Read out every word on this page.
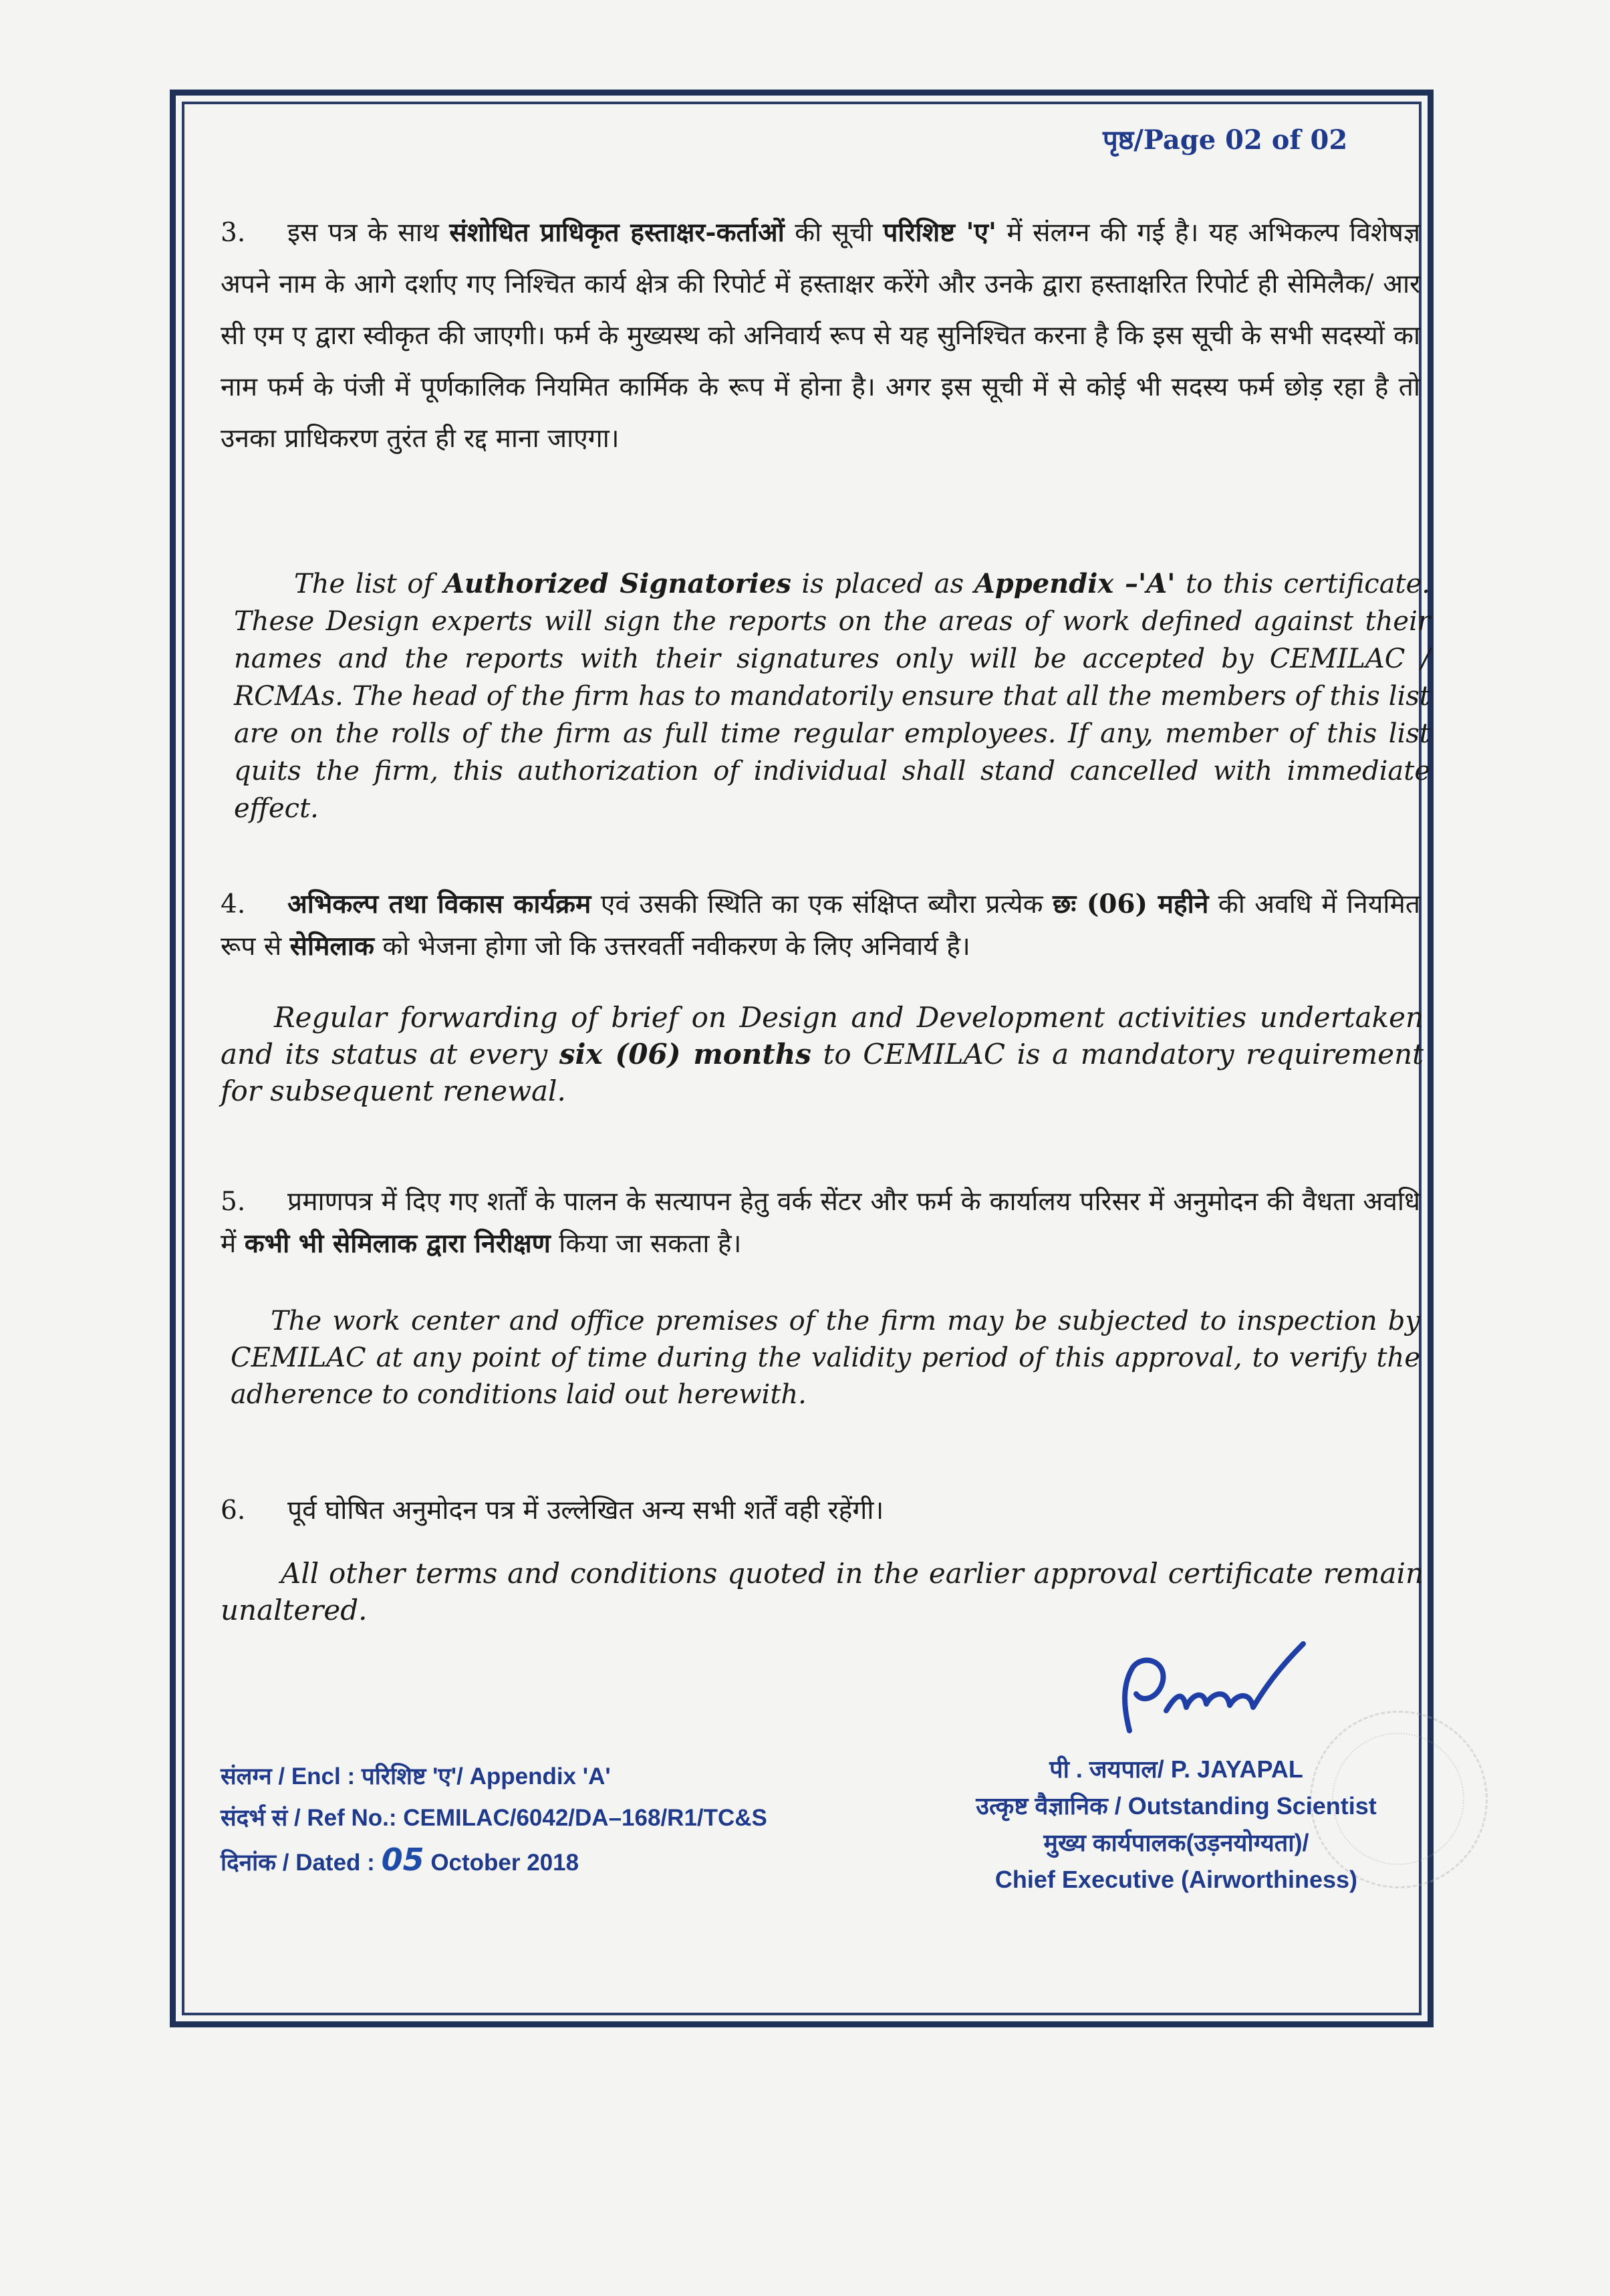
पृष्ठ/Page 02 of 02
3. इस पत्र के साथ संशोधित प्राधिकृत हस्ताक्षर-कर्ताओं की सूची परिशिष्ट 'ए' में संलग्न की गई है। यह अभिकल्प विशेषज्ञ अपने नाम के आगे दर्शाए गए निश्चित कार्य क्षेत्र की रिपोर्ट में हस्ताक्षर करेंगे और उनके द्वारा हस्ताक्षरित रिपोर्ट ही सेमिलैक/ आर सी एम ए द्वारा स्वीकृत की जाएगी। फर्म के मुख्यस्थ को अनिवार्य रूप से यह सुनिश्चित करना है कि इस सूची के सभी सदस्यों का नाम फर्म के पंजी में पूर्णकालिक नियमित कार्मिक के रूप में होना है। अगर इस सूची में से कोई भी सदस्य फर्म छोड़ रहा है तो उनका प्राधिकरण तुरंत ही रद्द माना जाएगा।
The list of Authorized Signatories is placed as Appendix –'A' to this certificate. These Design experts will sign the reports on the areas of work defined against their names and the reports with their signatures only will be accepted by CEMILAC / RCMAs. The head of the firm has to mandatorily ensure that all the members of this list are on the rolls of the firm as full time regular employees. If any, member of this list quits the firm, this authorization of individual shall stand cancelled with immediate effect.
4. अभिकल्प तथा विकास कार्यक्रम एवं उसकी स्थिति का एक संक्षिप्त ब्यौरा प्रत्येक छः (06) महीने की अवधि में नियमित रूप से सेमिलाक को भेजना होगा जो कि उत्तरवर्ती नवीकरण के लिए अनिवार्य है।
Regular forwarding of brief on Design and Development activities undertaken and its status at every six (06) months to CEMILAC is a mandatory requirement for subsequent renewal.
5. प्रमाणपत्र में दिए गए शर्तों के पालन के सत्यापन हेतु वर्क सेंटर और फर्म के कार्यालय परिसर में अनुमोदन की वैधता अवधि में कभी भी सेमिलाक द्वारा निरीक्षण किया जा सकता है।
The work center and office premises of the firm may be subjected to inspection by CEMILAC at any point of time during the validity period of this approval, to verify the adherence to conditions laid out herewith.
6. पूर्व घोषित अनुमोदन पत्र में उल्लेखित अन्य सभी शर्तें वही रहेंगी।
All other terms and conditions quoted in the earlier approval certificate remain unaltered.
संलग्न / Encl : परिशिष्ट 'ए'/ Appendix 'A'
संदर्भ सं / Ref No.: CEMILAC/6042/DA–168/R1/TC&S
दिनांक / Dated : 05 October 2018
पी . जयपाल/ P. JAYAPAL
उत्कृष्ट वैज्ञानिक / Outstanding Scientist
मुख्य कार्यपालक(उड़नयोग्यता)/
Chief Executive (Airworthiness)
